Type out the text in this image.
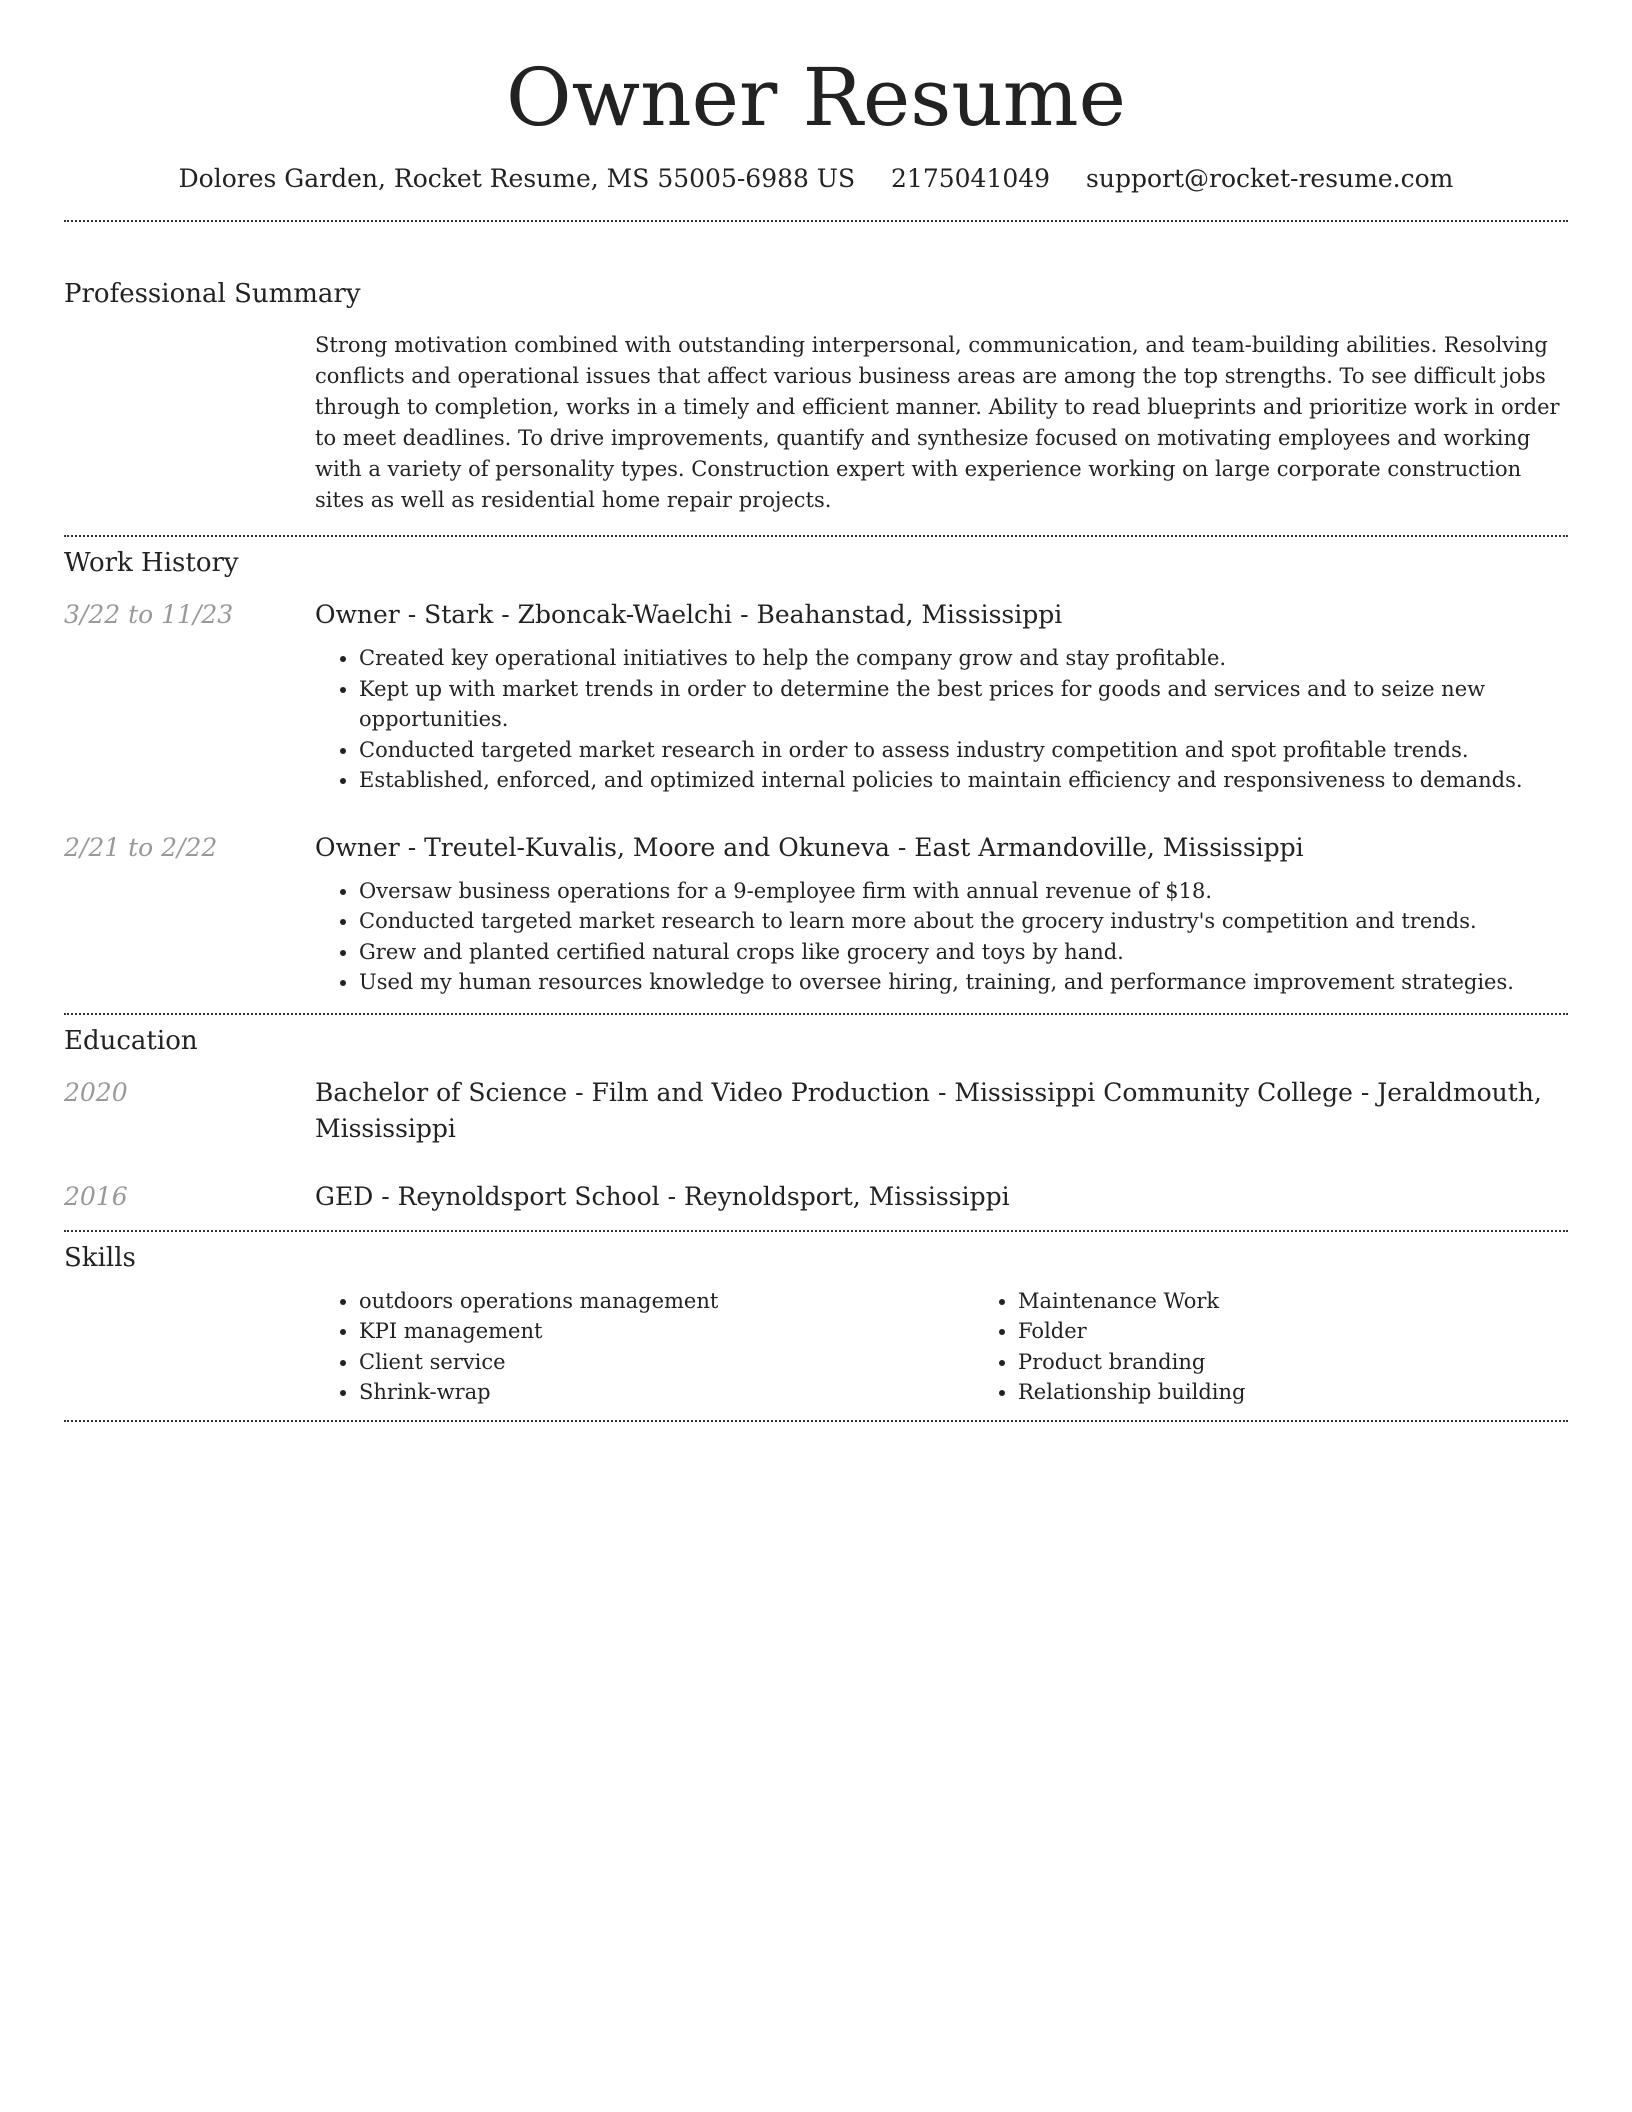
Owner Resume
Dolores Garden, Rocket Resume, MS 55005-6988 US 2175041049 support@rocket-resume.com
Professional Summary

Strong motivation combined with outstanding interpersonal, communication, and team-building abilities. Resolving conflicts and operational issues that affect various business areas are among the top strengths. To see difficult jobs through to completion, works in a timely and efficient manner. Ability to read blueprints and prioritize work in order to meet deadlines. To drive improvements, quantify and synthesize focused on motivating employees and working with a variety of personality types. Construction expert with experience working on large corporate construction sites as well as residential home repair projects.

Work History
3/22 to 11/23	Owner - Stark - Zboncak-Waelchi - Beahanstad, Mississippi

• Created key operational initiatives to help the company grow and stay profitable.
• Kept up with market trends in order to determine the best prices for goods and services and to seize new opportunities.
• Conducted targeted market research in order to assess industry competition and spot profitable trends.
• Established, enforced, and optimized internal policies to maintain efficiency and responsiveness to demands.
2/21 to 2/22	Owner - Treutel-Kuvalis, Moore and Okuneva - East Armandoville, Mississippi

• Oversaw business operations for a 9-employee firm with annual revenue of $18.
• Conducted targeted market research to learn more about the grocery industry's competition and trends.
• Grew and planted certified natural crops like grocery and toys by hand.
• Used my human resources knowledge to oversee hiring, training, and performance improvement strategies.
Education
2020	Bachelor of Science - Film and Video Production - Mississippi Community College - Jeraldmouth, Mississippi

2016	GED - Reynoldsport School - Reynoldsport, Mississippi

Skills
• outdoors operations management
• KPI management
• Client service
• Shrink-wrap
• Maintenance Work
• Folder
• Product branding
• Relationship building
